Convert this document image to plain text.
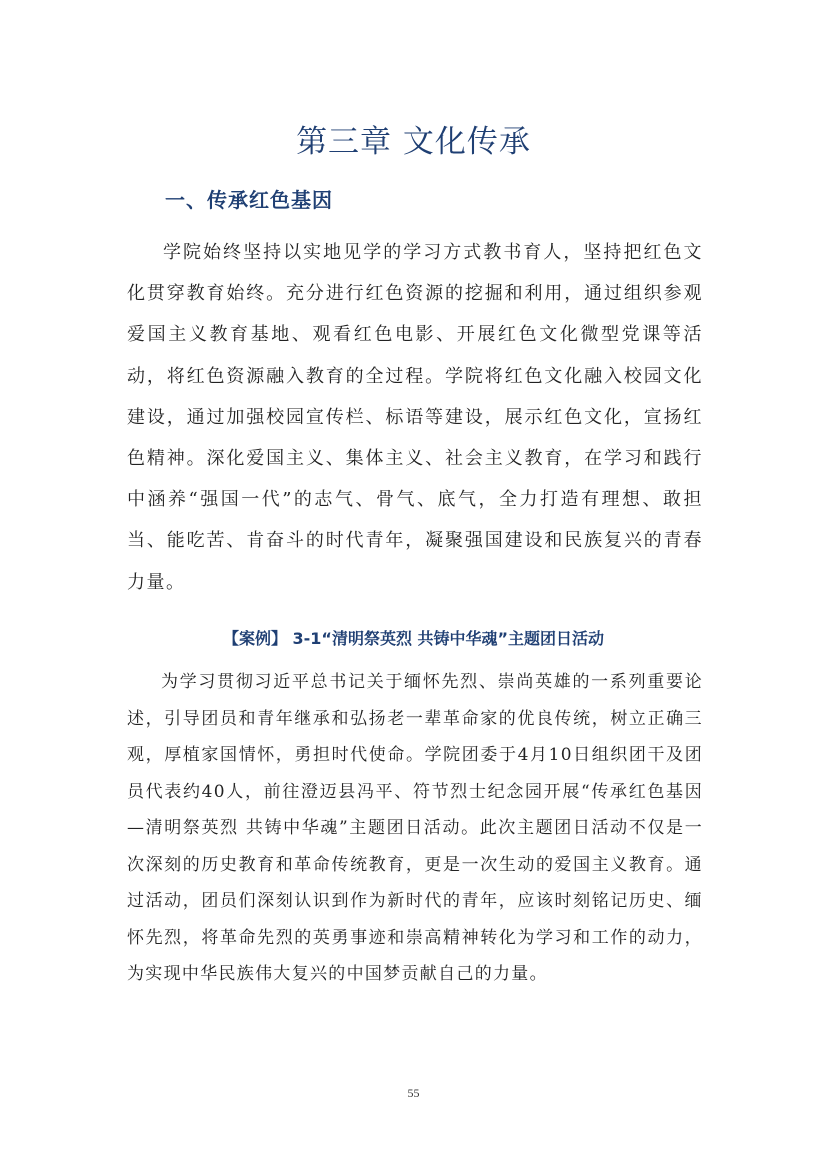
第三章 文化传承
一、传承红色基因

学院始终坚持以实地见学的学习方式教书育人，坚持把红色文化贯穿教育始终。充分进行红色资源的挖掘和利用，通过组织参观爱国主义教育基地、观看红色电影、开展红色文化微型党课等活动，将红色资源融入教育的全过程。学院将红色文化融入校园文化建设，通过加强校园宣传栏、标语等建设，展示红色文化，宣扬红色精神。深化爱国主义、集体主义、社会主义教育，在学习和践行中涵养“强国一代”的志气、骨气、底气，全力打造有理想、敢担当、能吃苦、肯奋斗的时代青年，凝聚强国建设和民族复兴的青春力量。

【案例】 3-1“清明祭英烈 共铸中华魂”主题团日活动

为学习贯彻习近平总书记关于缅怀先烈、崇尚英雄的一系列重要论述，引导团员和青年继承和弘扬老一辈革命家的优良传统，树立正确三观，厚植家国情怀，勇担时代使命。学院团委于4月10日组织团干及团员代表约40人，前往澄迈县冯平、符节烈士纪念园开展“传承红色基因—清明祭英烈 共铸中华魂”主题团日活动。此次主题团日活动不仅是一次深刻的历史教育和革命传统教育，更是一次生动的爱国主义教育。通过活动，团员们深刻认识到作为新时代的青年，应该时刻铭记历史、缅怀先烈，将革命先烈的英勇事迹和崇高精神转化为学习和工作的动力，为实现中华民族伟大复兴的中国梦贡献自己的力量。

55
